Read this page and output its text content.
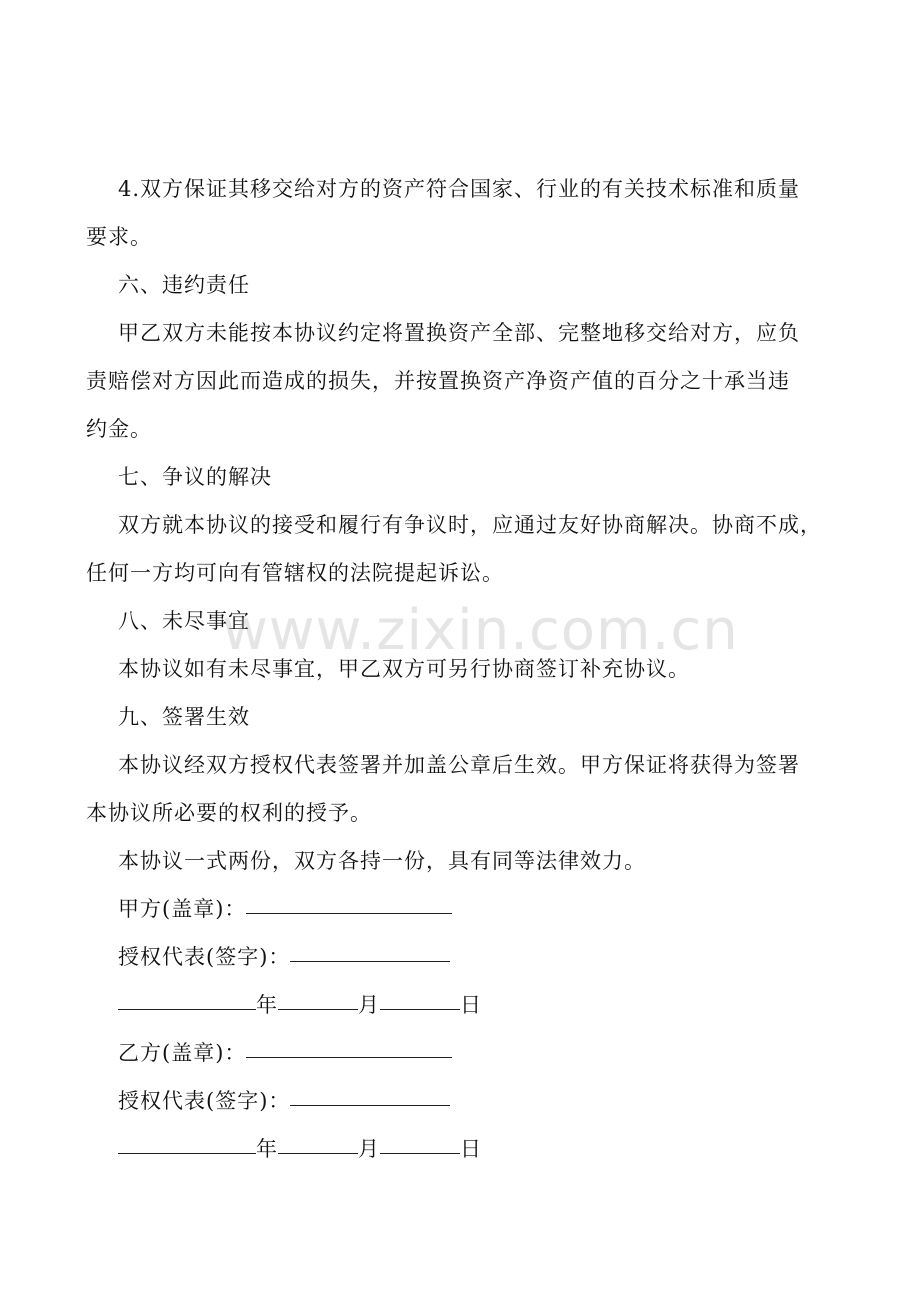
4.双方保证其移交给对方的资产符合国家、行业的有关技术标准和质量
要求。
六、违约责任
甲乙双方未能按本协议约定将置换资产全部、完整地移交给对方，应负
责赔偿对方因此而造成的损失，并按置换资产净资产值的百分之十承当违
约金。
七、争议的解决
双方就本协议的接受和履行有争议时，应通过友好协商解决。协商不成，
任何一方均可向有管辖权的法院提起诉讼。
八、未尽事宜
本协议如有未尽事宜，甲乙双方可另行协商签订补充协议。
九、签署生效
本协议经双方授权代表签署并加盖公章后生效。甲方保证将获得为签署
本协议所必要的权利的授予。
本协议一式两份，双方各持一份，具有同等法律效力。
甲方(盖章)：
授权代表(签字)：
年	月	日
乙方(盖章)：
授权代表(签字)：
年	月	日
www.zixin.com.cn
